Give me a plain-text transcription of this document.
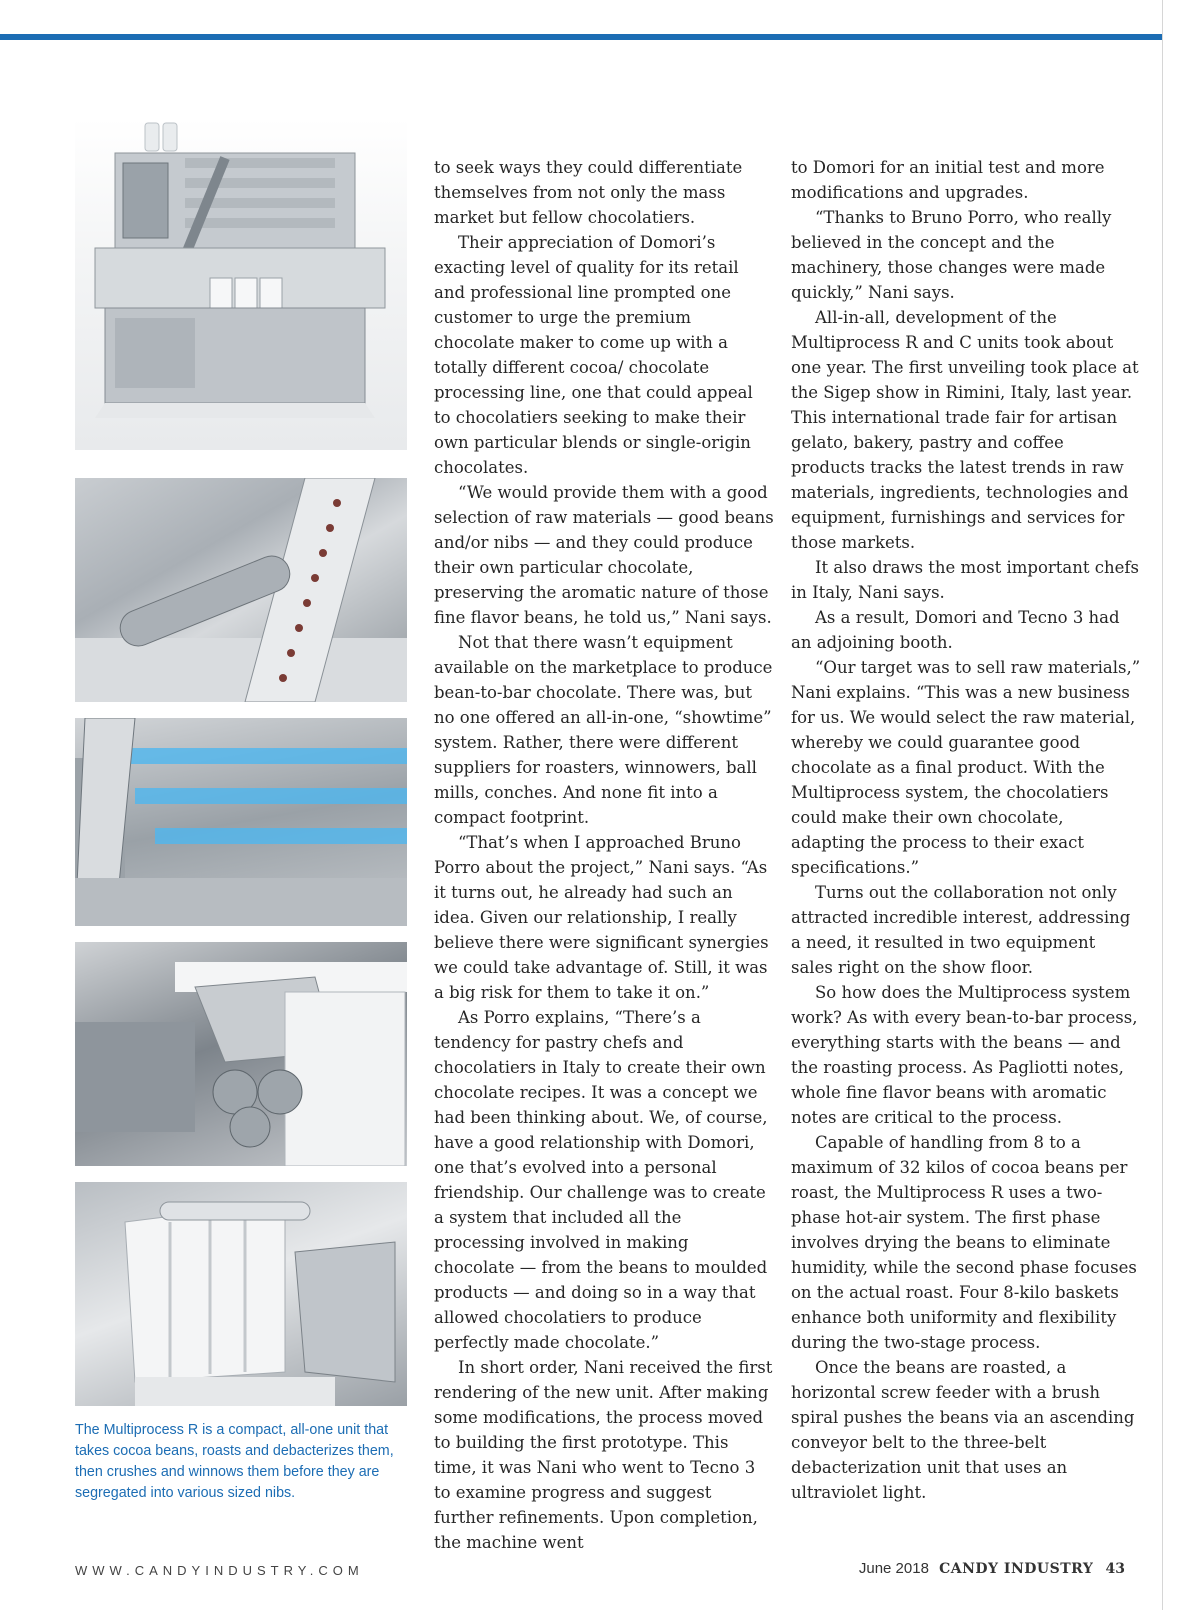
The Multiprocess R is a compact, all-one unit that takes cocoa beans, roasts and debacterizes them, then crushes and winnows them before they are segregated into various sized nibs.

to seek ways they could differentiate themselves from not only the mass market but fellow chocolatiers.

Their appreciation of Domori’s exacting level of quality for its retail and professional line prompted one customer to urge the premium chocolate maker to come up with a totally different cocoa/ chocolate processing line, one that could appeal to chocolatiers seeking to make their own particular blends or single-origin chocolates.

“We would provide them with a good selection of raw materials — good beans and/or nibs — and they could produce their own particular chocolate, preserving the aromatic nature of those fine flavor beans, he told us,” Nani says.

Not that there wasn’t equipment available on the marketplace to produce bean-to-bar chocolate. There was, but no one offered an all-in-one, “showtime” system. Rather, there were different suppliers for roasters, winnowers, ball mills, conches. And none fit into a compact footprint.

“That’s when I approached Bruno Porro about the project,” Nani says. “As it turns out, he already had such an idea. Given our relationship, I really believe there were significant synergies we could take advantage of. Still, it was a big risk for them to take it on.”

As Porro explains, “There’s a tendency for pastry chefs and chocolatiers in Italy to create their own chocolate recipes. It was a concept we had been thinking about. We, of course, have a good relationship with Domori, one that’s evolved into a personal friendship. Our challenge was to create a system that included all the processing involved in making chocolate — from the beans to moulded products — and doing so in a way that allowed chocolatiers to produce perfectly made chocolate.”

In short order, Nani received the first rendering of the new unit. After making some modifications, the process moved to building the first prototype. This time, it was Nani who went to Tecno 3 to examine progress and suggest further refinements. Upon completion, the machine went

to Domori for an initial test and more modifications and upgrades.

“Thanks to Bruno Porro, who really believed in the concept and the machinery, those changes were made quickly,” Nani says.

All-in-all, development of the Multiprocess R and C units took about one year. The first unveiling took place at the Sigep show in Rimini, Italy, last year. This international trade fair for artisan gelato, bakery, pastry and coffee products tracks the latest trends in raw materials, ingredients, technologies and equipment, furnishings and services for those markets.

It also draws the most important chefs in Italy, Nani says.

As a result, Domori and Tecno 3 had an adjoining booth.

“Our target was to sell raw materials,” Nani explains. “This was a new business for us. We would select the raw material, whereby we could guarantee good chocolate as a final product. With the Multiprocess system, the chocolatiers could make their own chocolate, adapting the process to their exact specifications.”

Turns out the collaboration not only attracted incredible interest, addressing a need, it resulted in two equipment sales right on the show floor.

So how does the Multiprocess system work? As with every bean-to-bar process, everything starts with the beans — and the roasting process. As Pagliotti notes, whole fine flavor beans with aromatic notes are critical to the process.

Capable of handling from 8 to a maximum of 32 kilos of cocoa beans per roast, the Multiprocess R uses a two-phase hot-air system. The first phase involves drying the beans to eliminate humidity, while the second phase focuses on the actual roast. Four 8-kilo baskets enhance both uniformity and flexibility during the two-stage process.

Once the beans are roasted, a horizontal screw feeder with a brush spiral pushes the beans via an ascending conveyor belt to the three-belt debacterization unit that uses an ultraviolet light.

WWW.CANDYINDUSTRY.COM	June 2018 CANDY INDUSTRY 43
